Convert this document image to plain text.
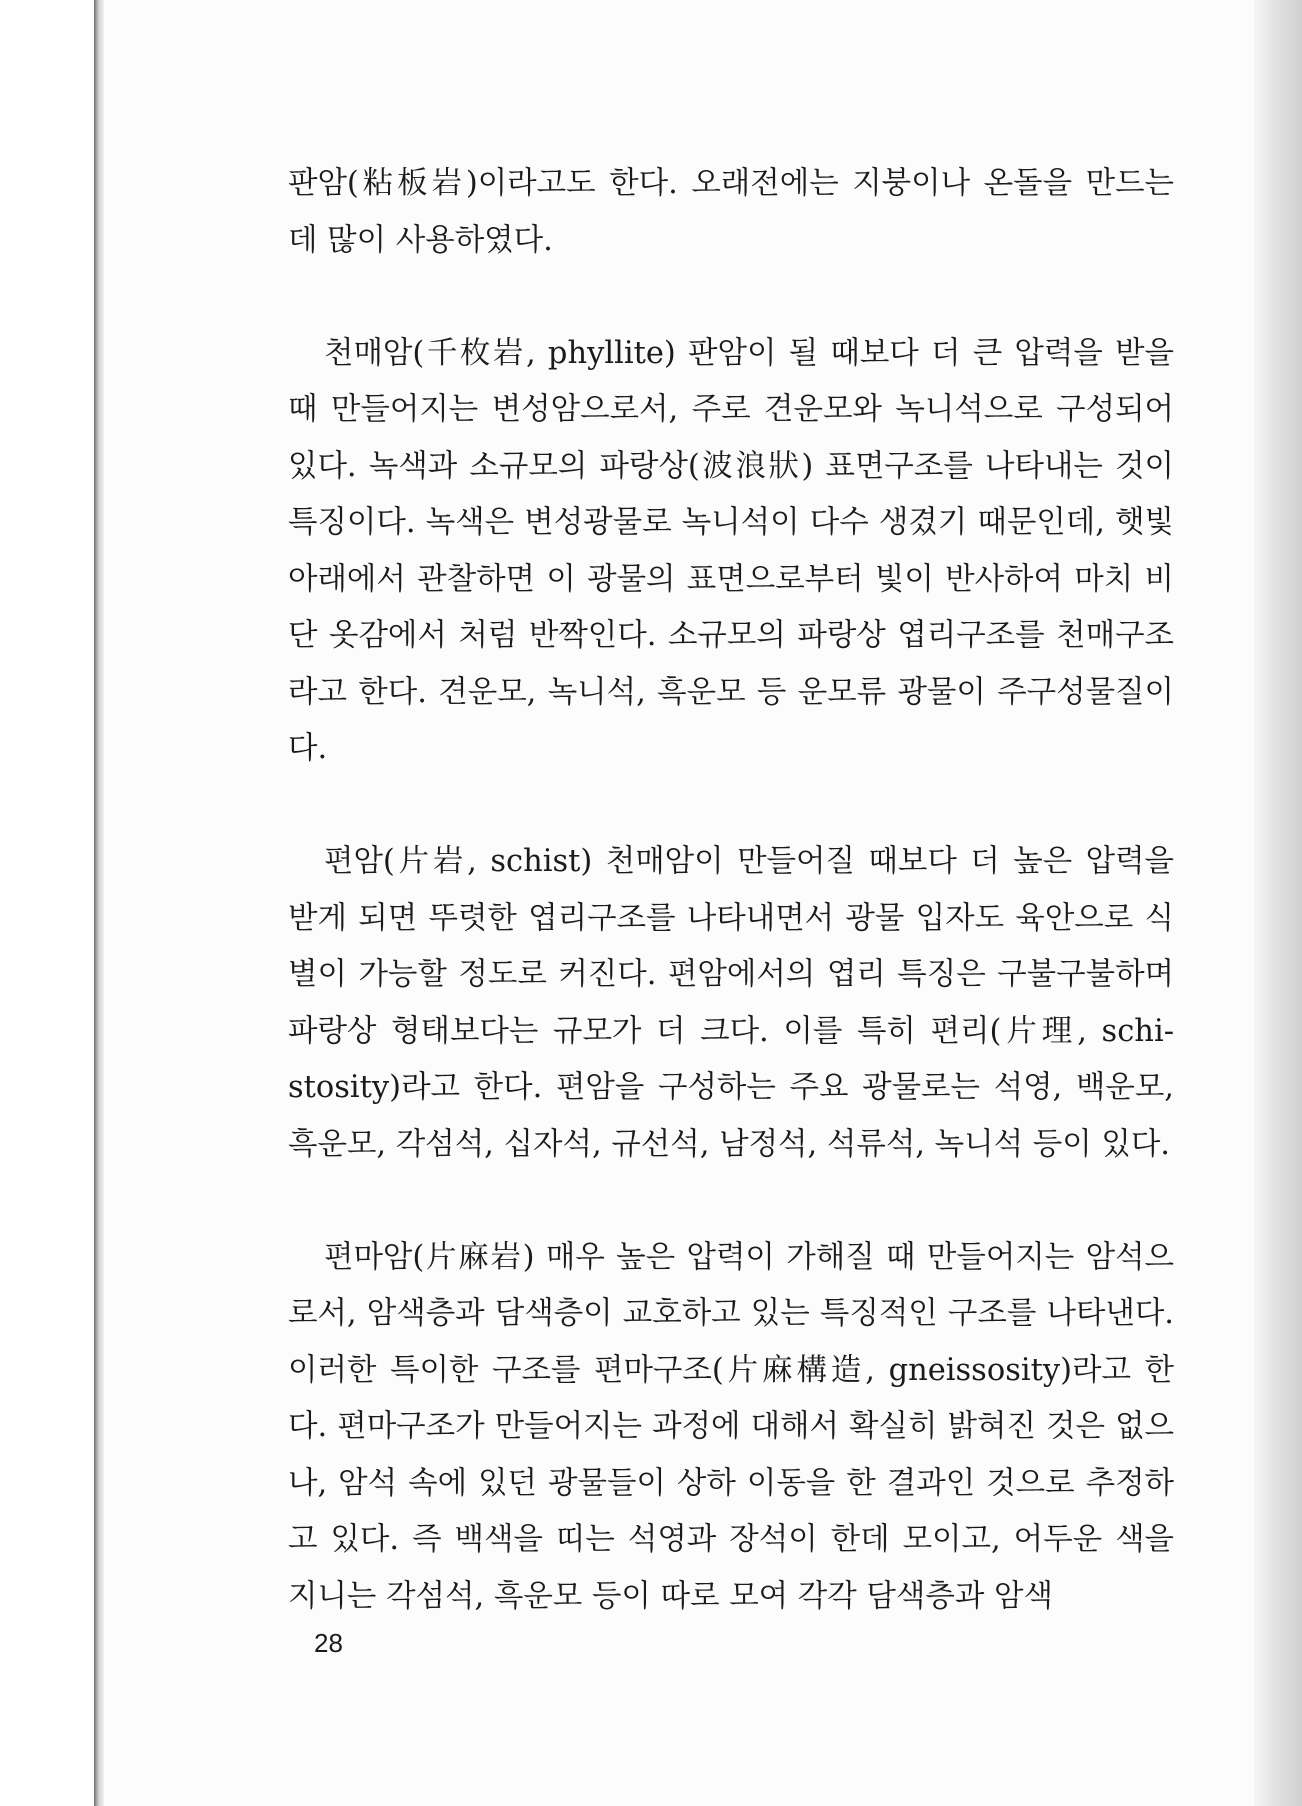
판암(粘板岩)이라고도 한다. 오래전에는 지붕이나 온돌을 만드는 데 많이 사용하였다.

천매암(千枚岩, phyllite) 판암이 될 때보다 더 큰 압력을 받을 때 만들어지는 변성암으로서, 주로 견운모와 녹니석으로 구성되어 있다. 녹색과 소규모의 파랑상(波浪狀) 표면구조를 나타내는 것이 특징이다. 녹색은 변성광물로 녹니석이 다수 생겼기 때문인데, 햇빛 아래에서 관찰하면 이 광물의 표면으로부터 빛이 반사하여 마치 비단 옷감에서 처럼 반짝인다. 소규모의 파랑상 엽리구조를 천매구조라고 한다. 견운모, 녹니석, 흑운모 등 운모류 광물이 주구성물질이다.

편암(片岩, schist) 천매암이 만들어질 때보다 더 높은 압력을 받게 되면 뚜렷한 엽리구조를 나타내면서 광물 입자도 육안으로 식별이 가능할 정도로 커진다. 편암에서의 엽리 특징은 구불구불하며 파랑상 형태보다는 규모가 더 크다. 이를 특히 편리(片理, schi-stosity)라고 한다. 편암을 구성하는 주요 광물로는 석영, 백운모, 흑운모, 각섬석, 십자석, 규선석, 남정석, 석류석, 녹니석 등이 있다.

편마암(片麻岩) 매우 높은 압력이 가해질 때 만들어지는 암석으로서, 암색층과 담색층이 교호하고 있는 특징적인 구조를 나타낸다. 이러한 특이한 구조를 편마구조(片麻構造, gneissosity)라고 한다. 편마구조가 만들어지는 과정에 대해서 확실히 밝혀진 것은 없으나, 암석 속에 있던 광물들이 상하 이동을 한 결과인 것으로 추정하고 있다. 즉 백색을 띠는 석영과 장석이 한데 모이고, 어두운 색을 지니는 각섬석, 흑운모 등이 따로 모여 각각 담색층과 암색

28
